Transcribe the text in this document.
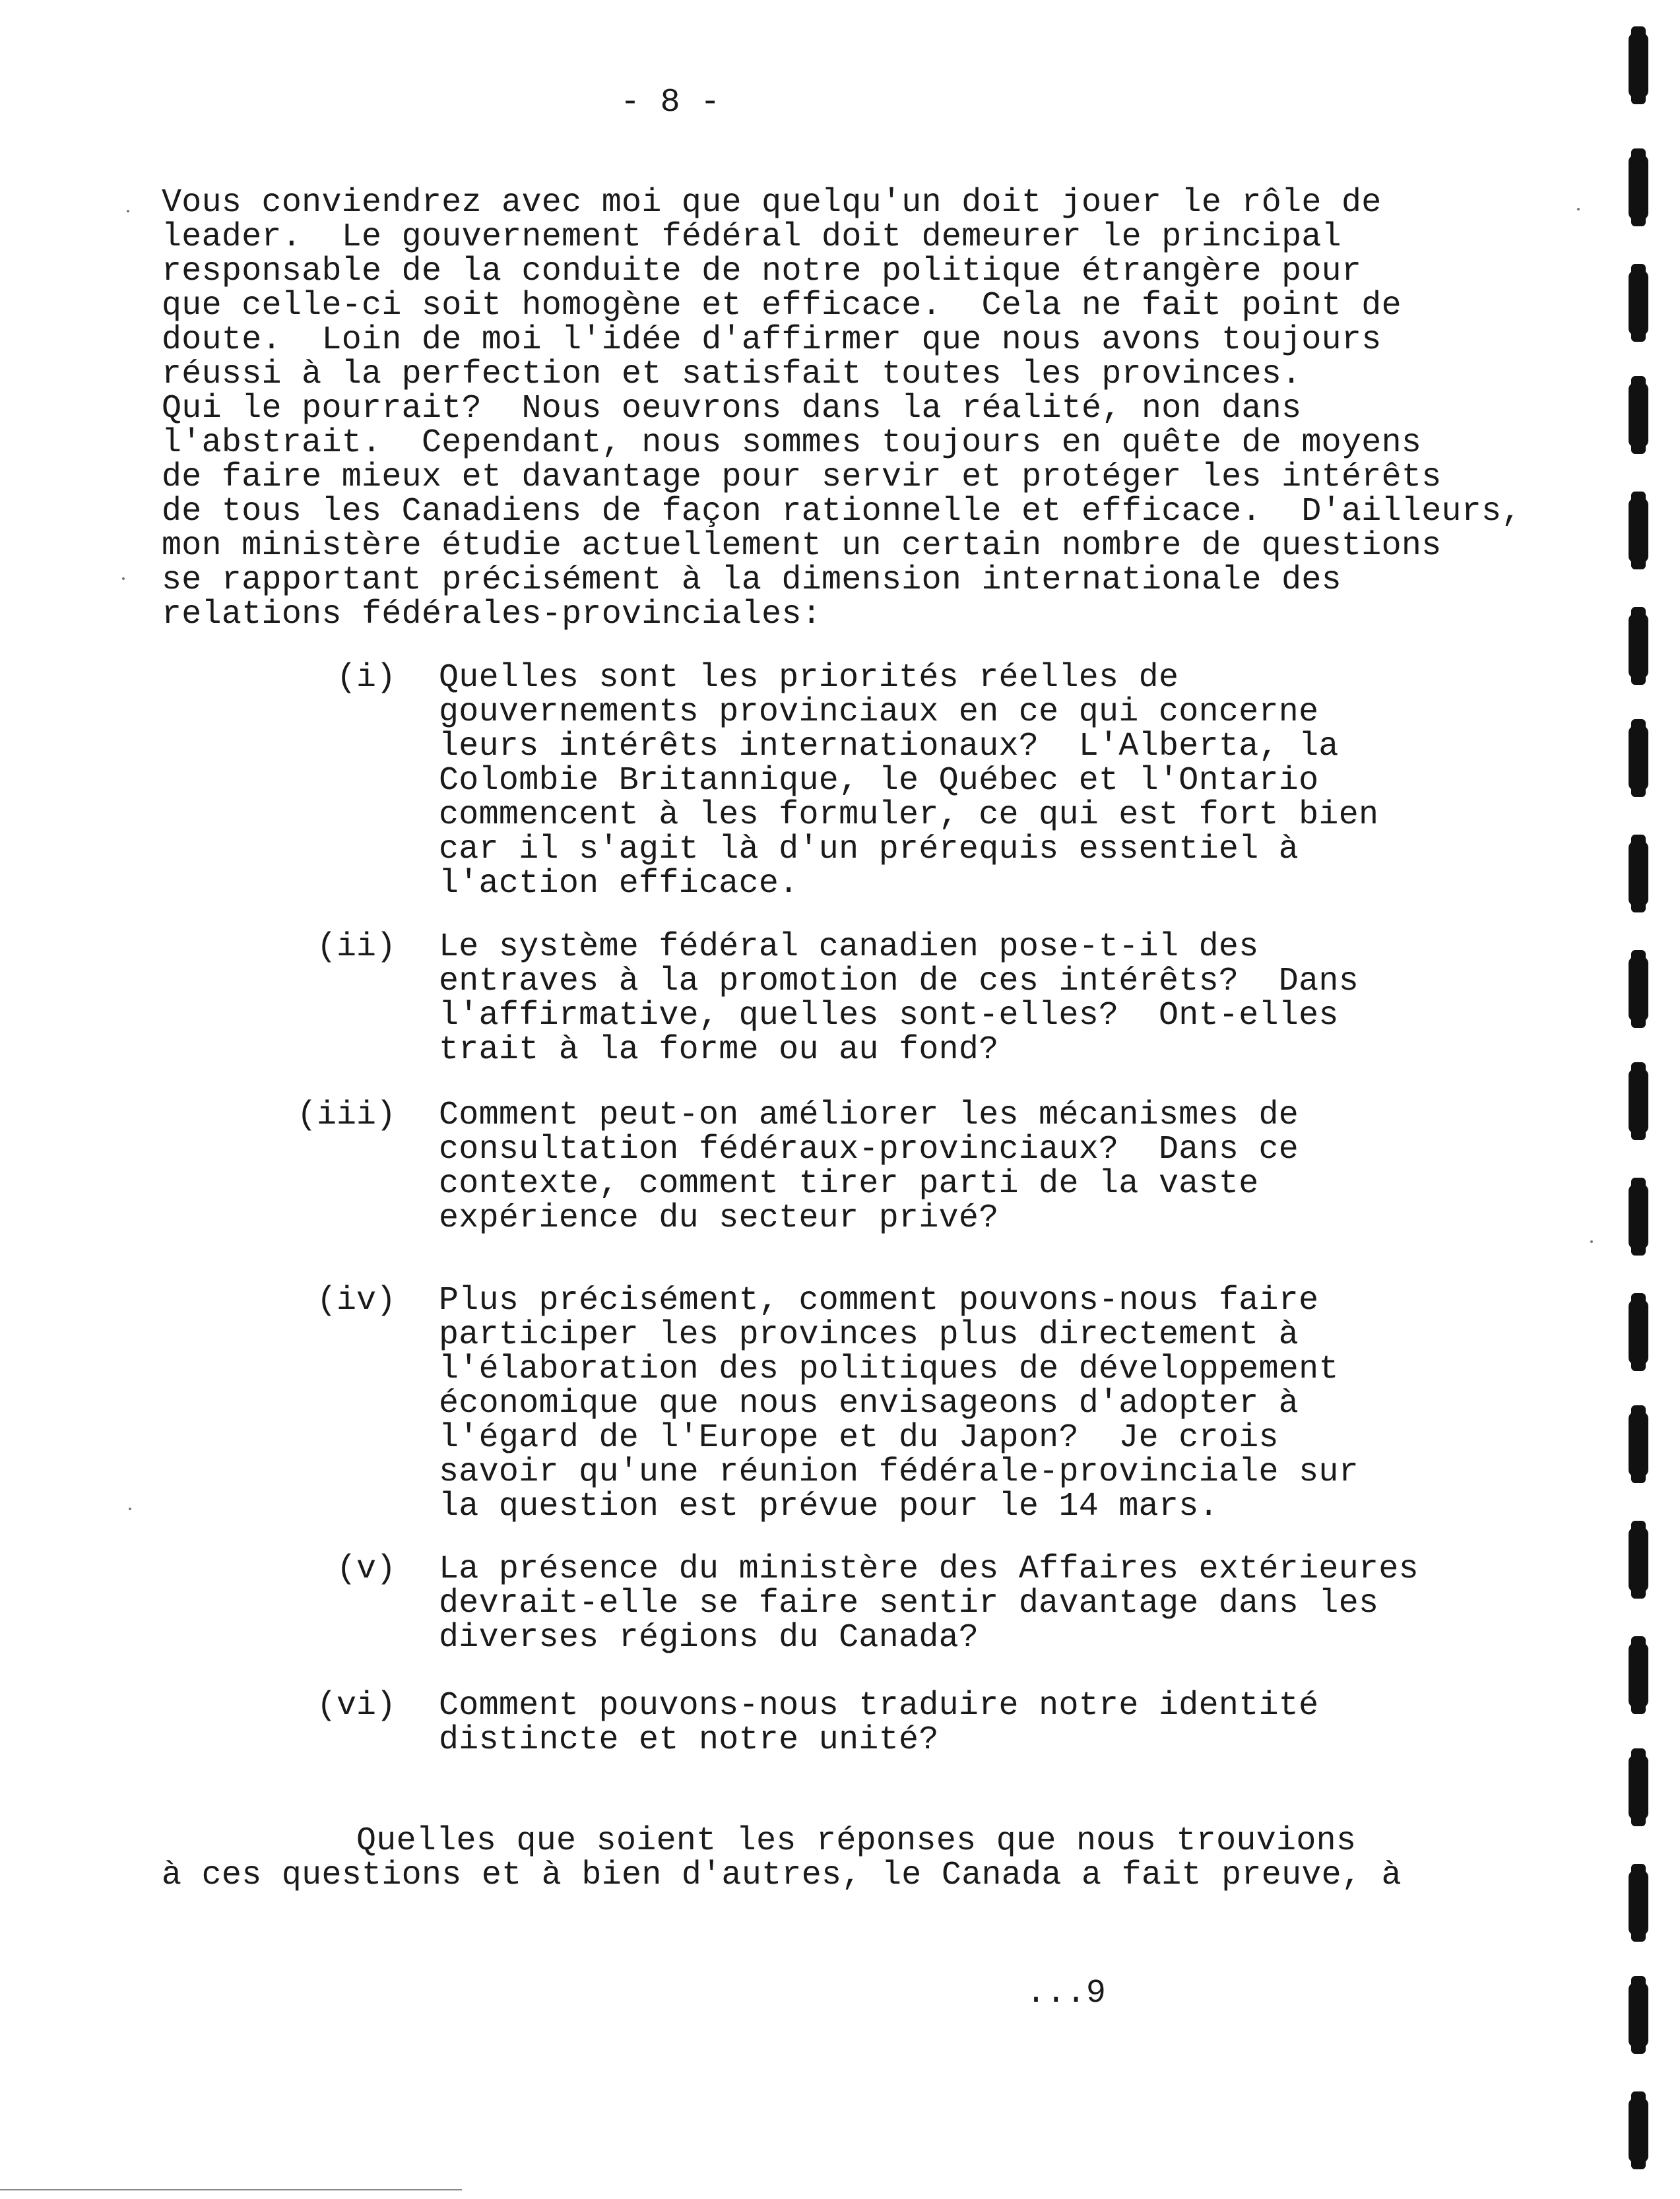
- 8 -
Vous conviendrez avec moi que quelqu'un doit jouer le rôle de
leader.  Le gouvernement fédéral doit demeurer le principal
responsable de la conduite de notre politique étrangère pour
que celle-ci soit homogène et efficace.  Cela ne fait point de
doute.  Loin de moi l'idée d'affirmer que nous avons toujours
réussi à la perfection et satisfait toutes les provinces.
Qui le pourrait?  Nous oeuvrons dans la réalité, non dans
l'abstrait.  Cependant, nous sommes toujours en quête de moyens
de faire mieux et davantage pour servir et protéger les intérêts
de tous les Canadiens de façon rationnelle et efficace.  D'ailleurs,
mon ministère étudie actuellement un certain nombre de questions
se rapportant précisément à la dimension internationale des
relations fédérales-provinciales:
(i) Quelles sont les priorités réelles de
gouvernements provinciaux en ce qui concerne
leurs intérêts internationaux?  L'Alberta, la
Colombie Britannique, le Québec et l'Ontario
commencent à les formuler, ce qui est fort bien
car il s'agit là d'un prérequis essentiel à
l'action efficace.
(ii) Le système fédéral canadien pose-t-il des
entraves à la promotion de ces intérêts?  Dans
l'affirmative, quelles sont-elles?  Ont-elles
trait à la forme ou au fond?
(iii) Comment peut-on améliorer les mécanismes de
consultation fédéraux-provinciaux?  Dans ce
contexte, comment tirer parti de la vaste
expérience du secteur privé?
(iv) Plus précisément, comment pouvons-nous faire
participer les provinces plus directement à
l'élaboration des politiques de développement
économique que nous envisageons d'adopter à
l'égard de l'Europe et du Japon?  Je crois
savoir qu'une réunion fédérale-provinciale sur
la question est prévue pour le 14 mars.
(v) La présence du ministère des Affaires extérieures
devrait-elle se faire sentir davantage dans les
diverses régions du Canada?
(vi) Comment pouvons-nous traduire notre identité
distincte et notre unité?
Quelles que soient les réponses que nous trouvions
à ces questions et à bien d'autres, le Canada a fait preuve, à
...9
